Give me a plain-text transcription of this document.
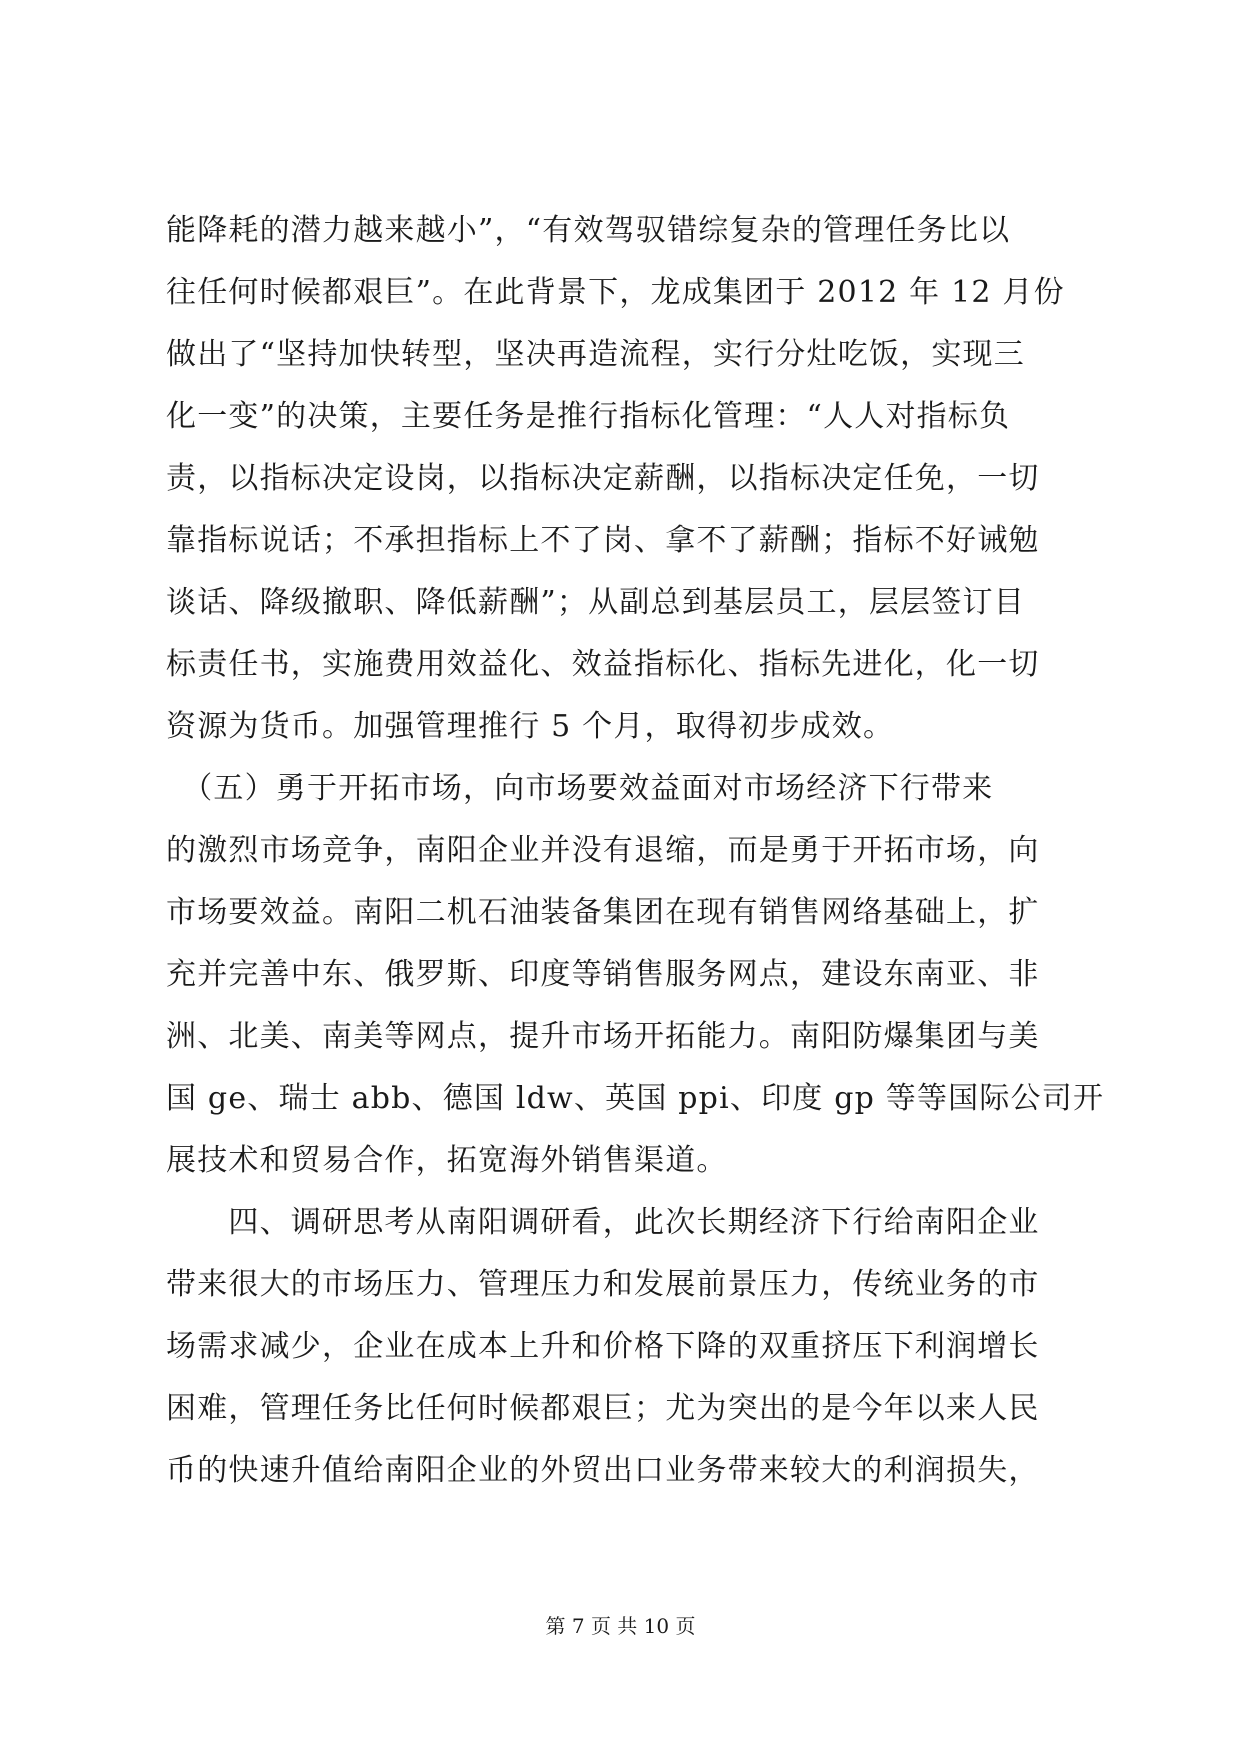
能降耗的潜力越来越小”，“有效驾驭错综复杂的管理任务比以
往任何时候都艰巨”。在此背景下，龙成集团于 2012 年 12 月份
做出了“坚持加快转型，坚决再造流程，实行分灶吃饭，实现三
化一变”的决策，主要任务是推行指标化管理：“人人对指标负
责，以指标决定设岗，以指标决定薪酬，以指标决定任免，一切
靠指标说话；不承担指标上不了岗、拿不了薪酬；指标不好诫勉
谈话、降级撤职、降低薪酬”；从副总到基层员工，层层签订目
标责任书，实施费用效益化、效益指标化、指标先进化，化一切
资源为货币。加强管理推行 5 个月，取得初步成效。
　（五）勇于开拓市场，向市场要效益面对市场经济下行带来
的激烈市场竞争，南阳企业并没有退缩，而是勇于开拓市场，向
市场要效益。南阳二机石油装备集团在现有销售网络基础上，扩
充并完善中东、俄罗斯、印度等销售服务网点，建设东南亚、非
洲、北美、南美等网点，提升市场开拓能力。南阳防爆集团与美
国 ge、瑞士 abb、德国 ldw、英国 ppi、印度 gp 等等国际公司开
展技术和贸易合作，拓宽海外销售渠道。
　　四、调研思考从南阳调研看，此次长期经济下行给南阳企业
带来很大的市场压力、管理压力和发展前景压力，传统业务的市
场需求减少，企业在成本上升和价格下降的双重挤压下利润增长
困难，管理任务比任何时候都艰巨；尤为突出的是今年以来人民
币的快速升值给南阳企业的外贸出口业务带来较大的利润损失，
第 7 页 共 10 页
